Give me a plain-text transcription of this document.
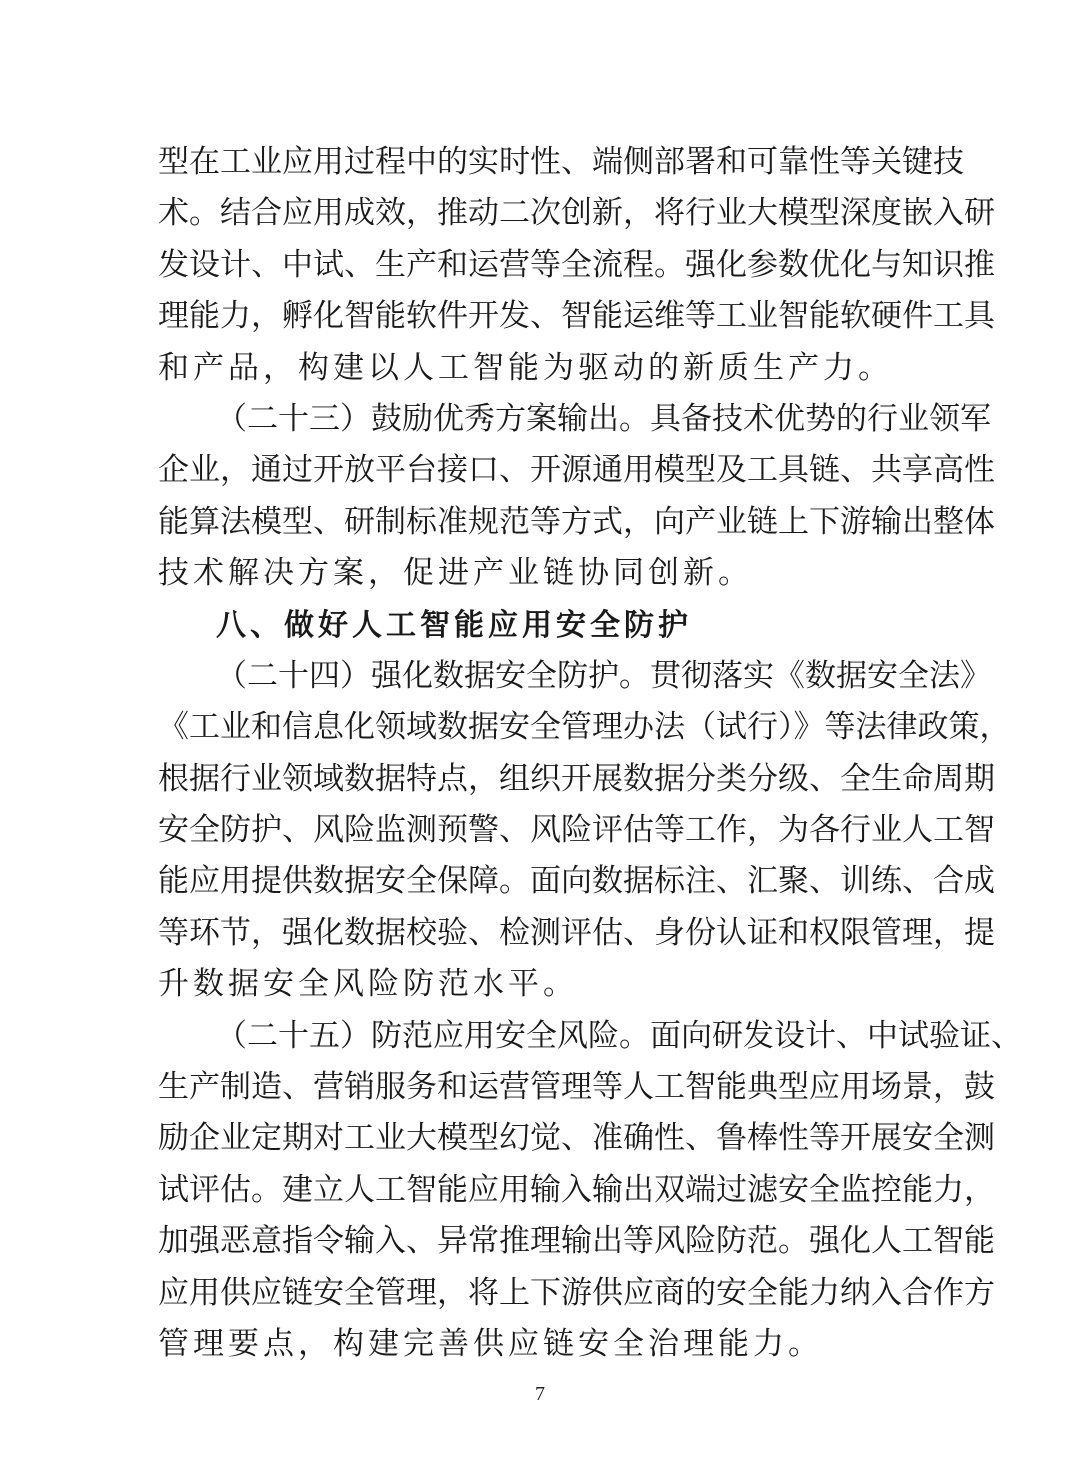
型在工业应用过程中的实时性、端侧部署和可靠性等关键技
术。结合应用成效，推动二次创新，将行业大模型深度嵌入研
发设计、中试、生产和运营等全流程。强化参数优化与知识推
理能力，孵化智能软件开发、智能运维等工业智能软硬件工具
和产品，构建以人工智能为驱动的新质生产力。
（二十三）鼓励优秀方案输出。具备技术优势的行业领军
企业，通过开放平台接口、开源通用模型及工具链、共享高性
能算法模型、研制标准规范等方式，向产业链上下游输出整体
技术解决方案，促进产业链协同创新。
八、做好人工智能应用安全防护
（二十四）强化数据安全防护。贯彻落实《数据安全法》
《工业和信息化领域数据安全管理办法（试行）》等法律政策，
根据行业领域数据特点，组织开展数据分类分级、全生命周期
安全防护、风险监测预警、风险评估等工作，为各行业人工智
能应用提供数据安全保障。面向数据标注、汇聚、训练、合成
等环节，强化数据校验、检测评估、身份认证和权限管理，提
升数据安全风险防范水平。
（二十五）防范应用安全风险。面向研发设计、中试验证、
生产制造、营销服务和运营管理等人工智能典型应用场景，鼓
励企业定期对工业大模型幻觉、准确性、鲁棒性等开展安全测
试评估。建立人工智能应用输入输出双端过滤安全监控能力，
加强恶意指令输入、异常推理输出等风险防范。强化人工智能
应用供应链安全管理，将上下游供应商的安全能力纳入合作方
管理要点，构建完善供应链安全治理能力。
7
